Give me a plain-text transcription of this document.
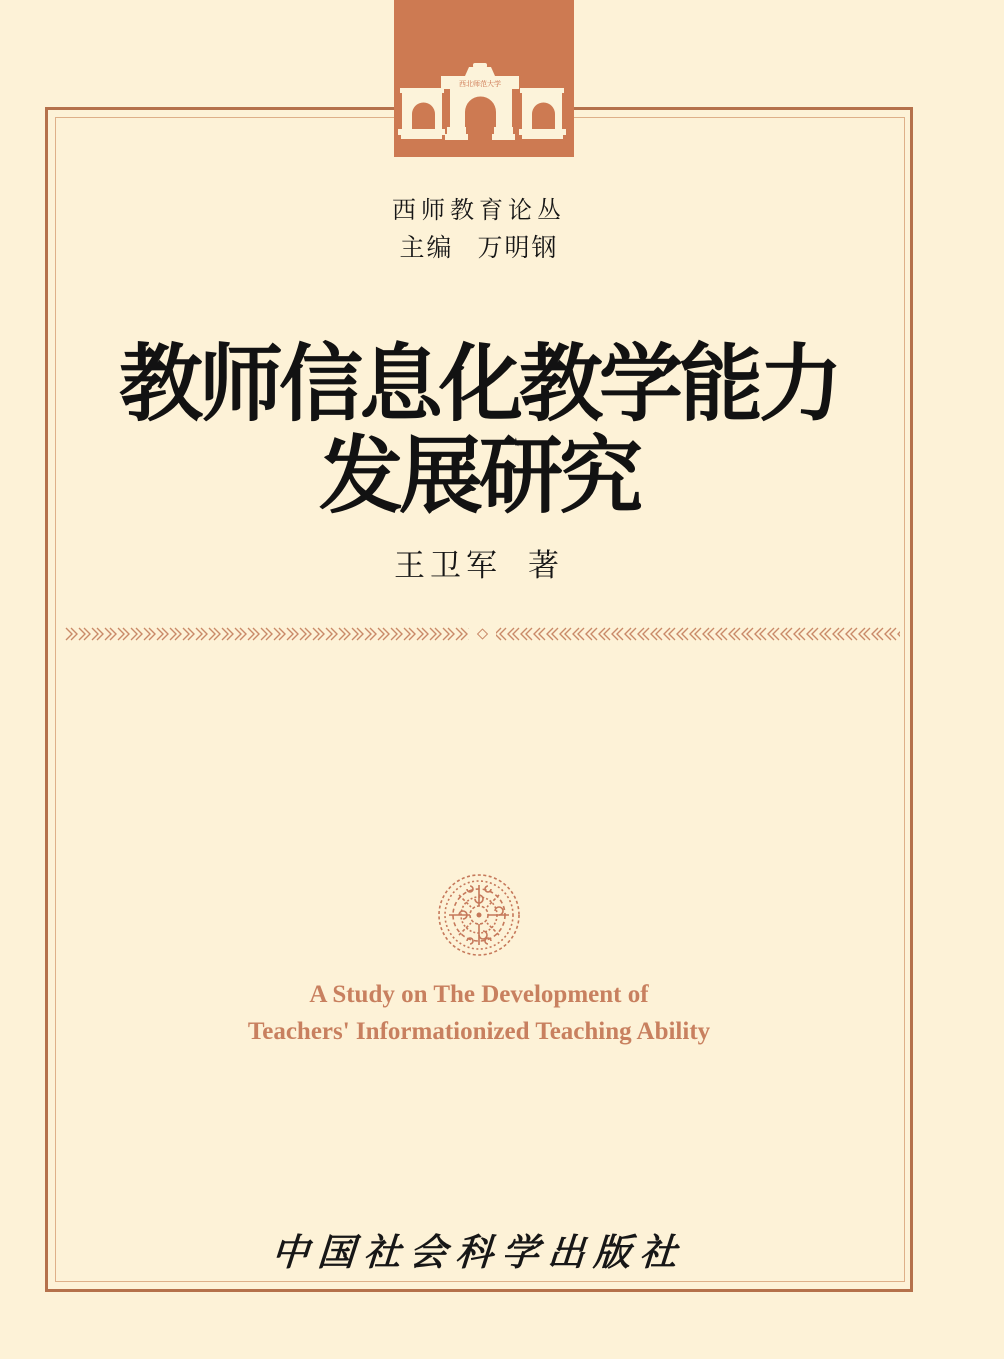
西北师范大学
西师教育论丛
主编 万明钢
教师信息化教学能力
发展研究
王卫军 著
A Study on The Development of
Teachers' Informationized Teaching Ability
中国社会科学出版社
